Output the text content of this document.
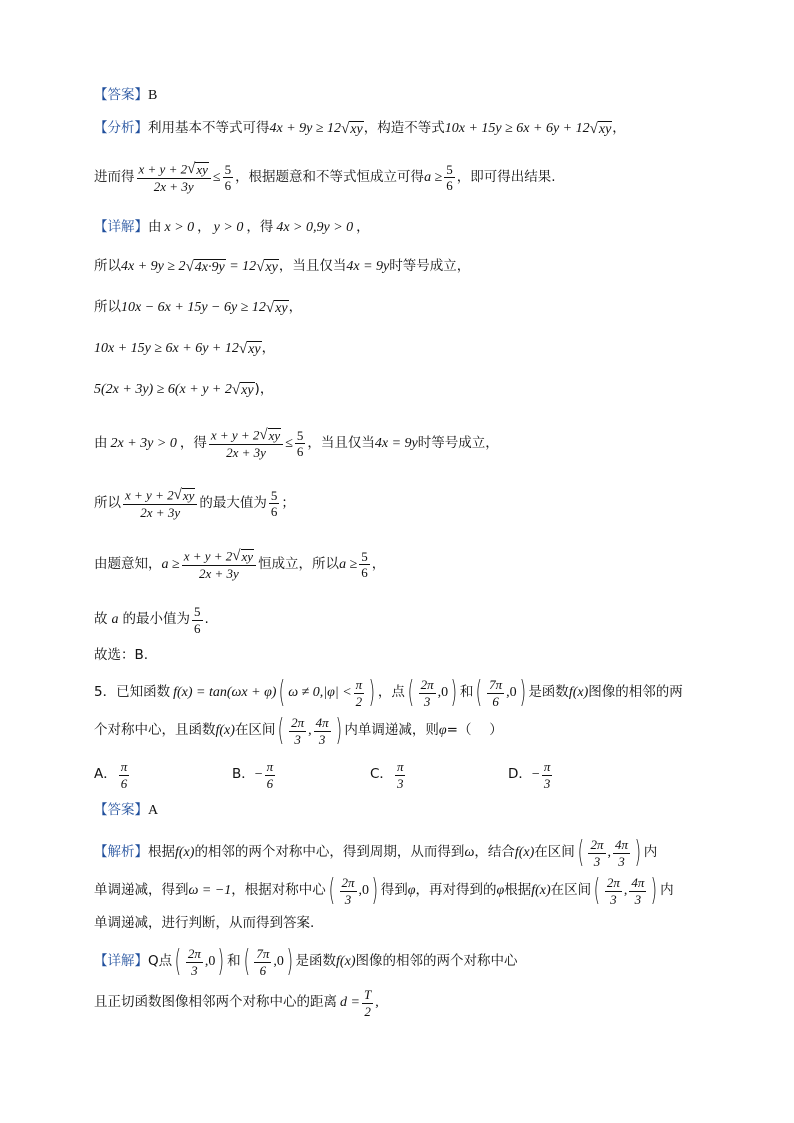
【答案】 B
【分析】 利用基本不等式可得 4x + 9y ≥ 12 √ xy ，构造不等式 10x + 15y ≥ 6x + 6y + 12 √ xy ，
进而得 $\frac{x + y + 2 √ xy}{2x + 3y} \le \frac{5}{6}$ ，根据题意和不等式恒成立可得 $a \ge \frac{5}{6}$ ，即可得出结果.
【详解】 由 x > 0 ， y > 0 ，得 4x > 0,9y > 0 ，
所以 4x + 9y ≥ 2 √ 4x·9y = 12 √ xy ，当且仅当 4x = 9y 时等号成立，
所以 10x − 6x + 15y − 6y ≥ 12 √ xy ，
10x + 15y ≥ 6x + 6y + 12 √ xy ，
5(2x + 3y) ≥ 6(x + y + 2 √ xy )，
由 2x + 3y > 0 ，得 $\frac{x + y + 2 √ xy}{2x + 3y} \le \frac{5}{6}$ ，当且仅当 4x = 9y 时等号成立，
所以 $\frac{x + y + 2 √ xy}{2x + 3y}$ 的最大值为 $\frac{5}{6}$ ；
由题意知， $a \ge \frac{x + y + 2 √ xy}{2x + 3y}$ 恒成立，所以 $a \ge \frac{5}{6}$ ，
故 a 的最小值为 $\frac{5}{6}$ .
故选：B.
5．已知函数 f(x) = tan(ωx + φ) ( $\omega \ne 0,|\varphi| < \frac{\pi}{2}$ ) ，点 ( $\frac{2\pi}{3}$ , 0 ) 和 ( $\frac{7\pi}{6}$ , 0 ) 是函数 f(x) 图像的相邻的两
个对称中心，且函数 f(x) 在区间 ( $\frac{2\pi}{3}$ , $\frac{4\pi}{3}$ ) 内单调递减，则 φ =（　 ）
A． $\frac{\pi}{6}$	B． − $\frac{\pi}{6}$	C． $\frac{\pi}{3}$	D． − $\frac{\pi}{3}$
【答案】 A
【解析】 根据 f(x) 的相邻的两个对称中心，得到周期，从而得到 ω ，结合 f(x) 在区间 ( $\frac{2\pi}{3}$ , $\frac{4\pi}{3}$ ) 内
单调递减，得到 ω = −1 ，根据对称中心 ( $\frac{2\pi}{3}$ , 0 ) 得到 φ ，再对得到的 φ 根据 f(x) 在区间 ( $\frac{2\pi}{3}$ , $\frac{4\pi}{3}$ ) 内
单调递减，进行判断，从而得到答案.
【详解】 Q点 ( $\frac{2\pi}{3}$ , 0 ) 和 ( $\frac{7\pi}{6}$ , 0 ) 是函数 f(x) 图像的相邻的两个对称中心
且正切函数图像相邻两个对称中心的距离 $d = \frac{T}{2}$ ,
